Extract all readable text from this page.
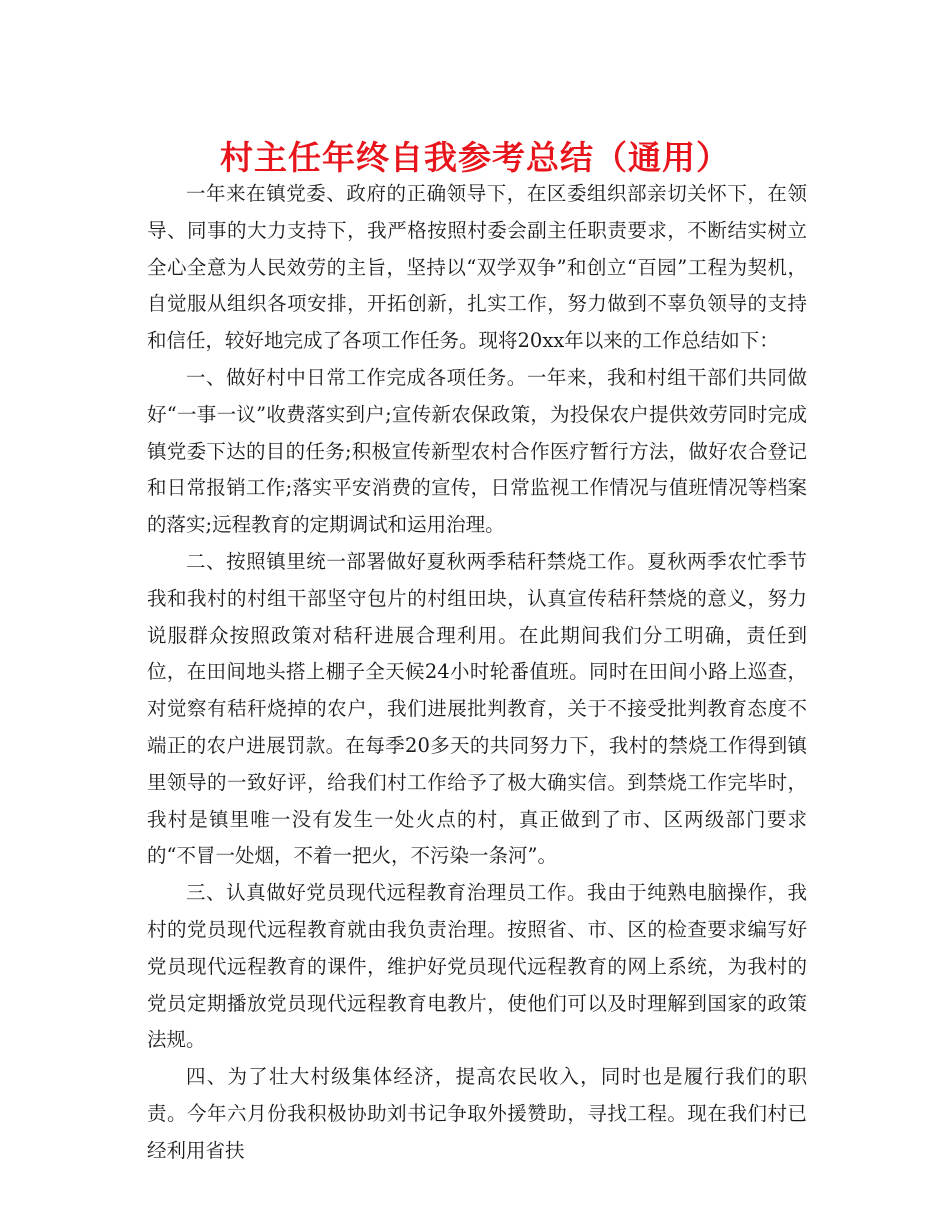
村主任年终自我参考总结（通用）

一年来在镇党委、政府的正确领导下，在区委组织部亲切关怀下，在领导、同事的大力支持下，我严格按照村委会副主任职责要求，不断结实树立全心全意为人民效劳的主旨，坚持以“双学双争”和创立“百园”工程为契机，自觉服从组织各项安排，开拓创新，扎实工作，努力做到不辜负领导的支持和信任，较好地完成了各项工作任务。现将20xx年以来的工作总结如下：

一、做好村中日常工作完成各项任务。一年来，我和村组干部们共同做好“一事一议”收费落实到户;宣传新农保政策，为投保农户提供效劳同时完成镇党委下达的目的任务;积极宣传新型农村合作医疗暂行方法，做好农合登记和日常报销工作;落实平安消费的宣传，日常监视工作情况与值班情况等档案的落实;远程教育的定期调试和运用治理。

二、按照镇里统一部署做好夏秋两季秸秆禁烧工作。夏秋两季农忙季节我和我村的村组干部坚守包片的村组田块，认真宣传秸秆禁烧的意义，努力说服群众按照政策对秸秆进展合理利用。在此期间我们分工明确，责任到位，在田间地头搭上棚子全天候24小时轮番值班。同时在田间小路上巡查，对觉察有秸秆烧掉的农户，我们进展批判教育，关于不接受批判教育态度不端正的农户进展罚款。在每季20多天的共同努力下，我村的禁烧工作得到镇里领导的一致好评，给我们村工作给予了极大确实信。到禁烧工作完毕时，我村是镇里唯一没有发生一处火点的村，真正做到了市、区两级部门要求的“不冒一处烟，不着一把火，不污染一条河”。

三、认真做好党员现代远程教育治理员工作。我由于纯熟电脑操作，我村的党员现代远程教育就由我负责治理。按照省、市、区的检查要求编写好党员现代远程教育的课件，维护好党员现代远程教育的网上系统，为我村的党员定期播放党员现代远程教育电教片，使他们可以及时理解到国家的政策法规。

四、为了壮大村级集体经济，提高农民收入，同时也是履行我们的职责。今年六月份我积极协助刘书记争取外援赞助，寻找工程。现在我们村已经利用省扶
